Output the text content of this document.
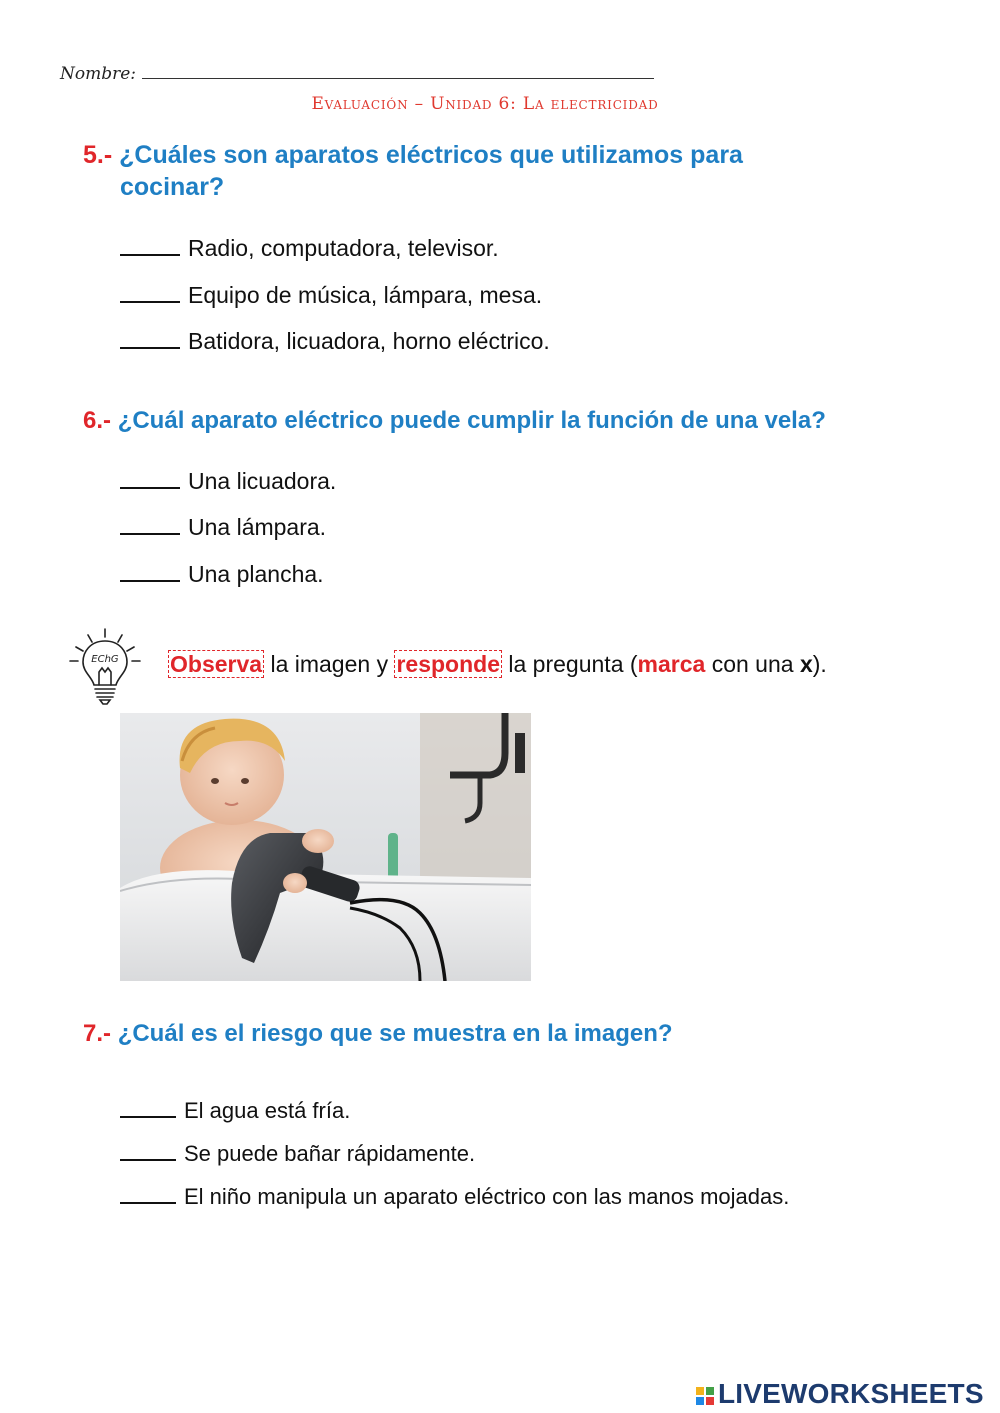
Nombre:
Evaluación – Unidad 6: La electricidad
5.- ¿Cuáles son aparatos eléctricos que utilizamos para
cocinar?
Radio, computadora, televisor.
Equipo de música, lámpara, mesa.
Batidora, licuadora, horno eléctrico.
6.- ¿Cuál aparato eléctrico puede cumplir la función de una vela?
Una licuadora.
Una lámpara.
Una plancha.
EChG Observa la imagen y responde la pregunta (marca con una x).
7.- ¿Cuál es el riesgo que se muestra en la imagen?
El agua está fría.
Se puede bañar rápidamente.
El niño manipula un aparato eléctrico con las manos mojadas.
LIVEWORKSHEETS
